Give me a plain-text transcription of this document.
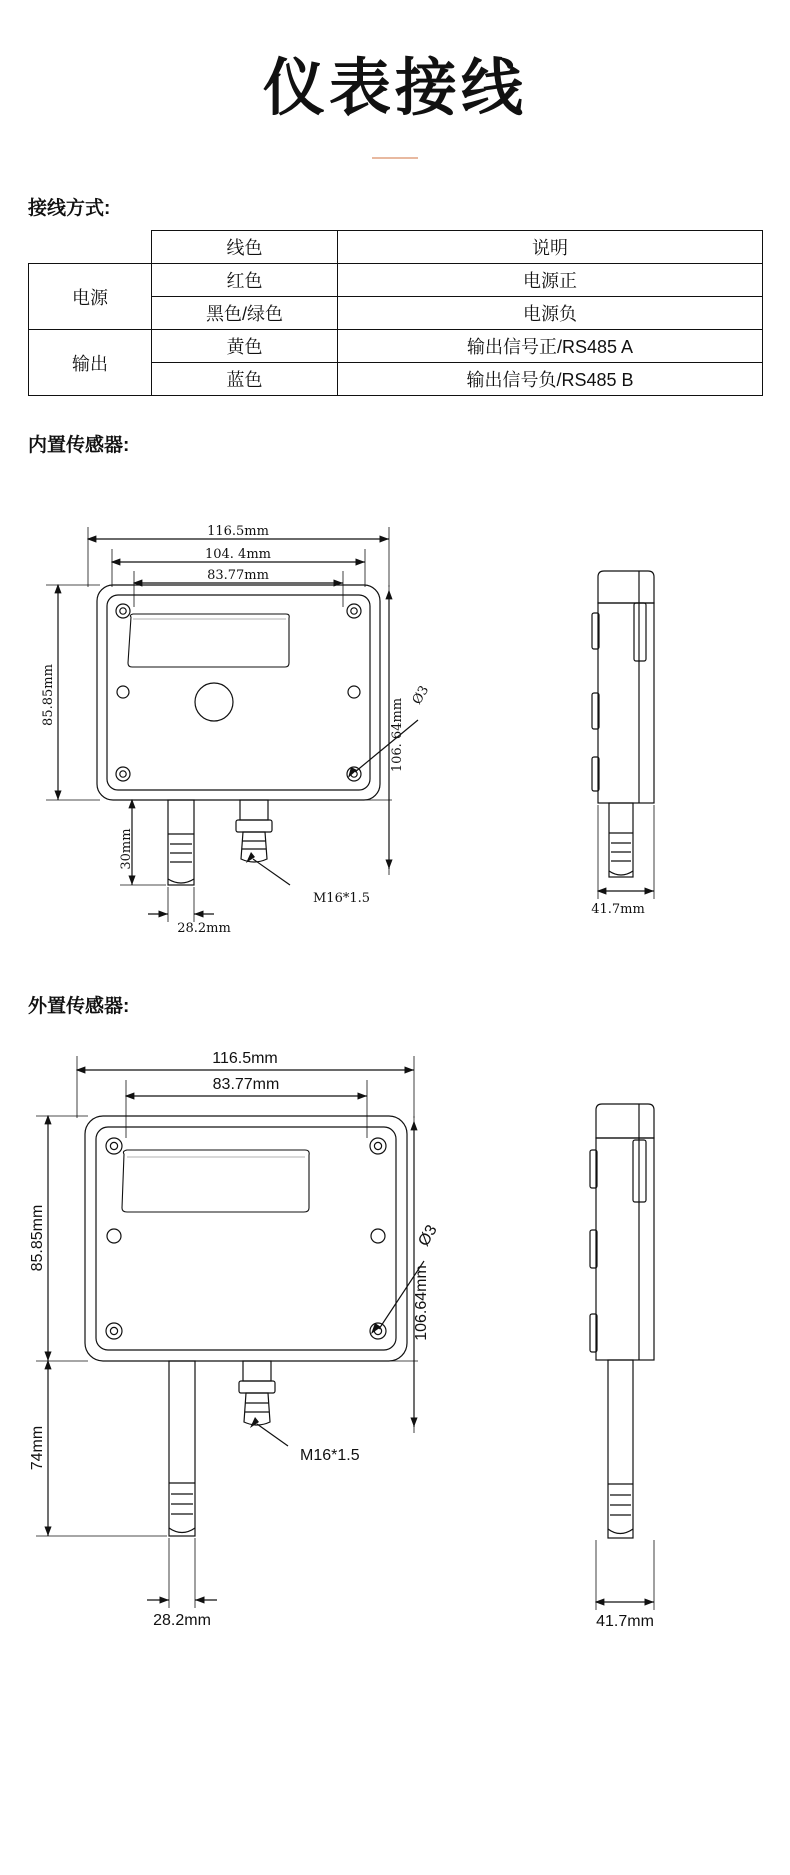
仪表接线
接线方式:
	线色	说明
电源	红色	电源正
	黑色/绿色	电源负
输出	黄色	输出信号正/RS485 A
	蓝色	输出信号负/RS485 B
内置传感器:
116.5mm
104. 4mm
83.77mm
28.2mm
41.7mm
M16*1.5
85.85mm
30mm
106. 64mm
Ø3
外置传感器:
116.5mm
83.77mm
28.2mm	41.7mm
M16*1.5
85.85mm
74mm
106.64mm
Ø3
